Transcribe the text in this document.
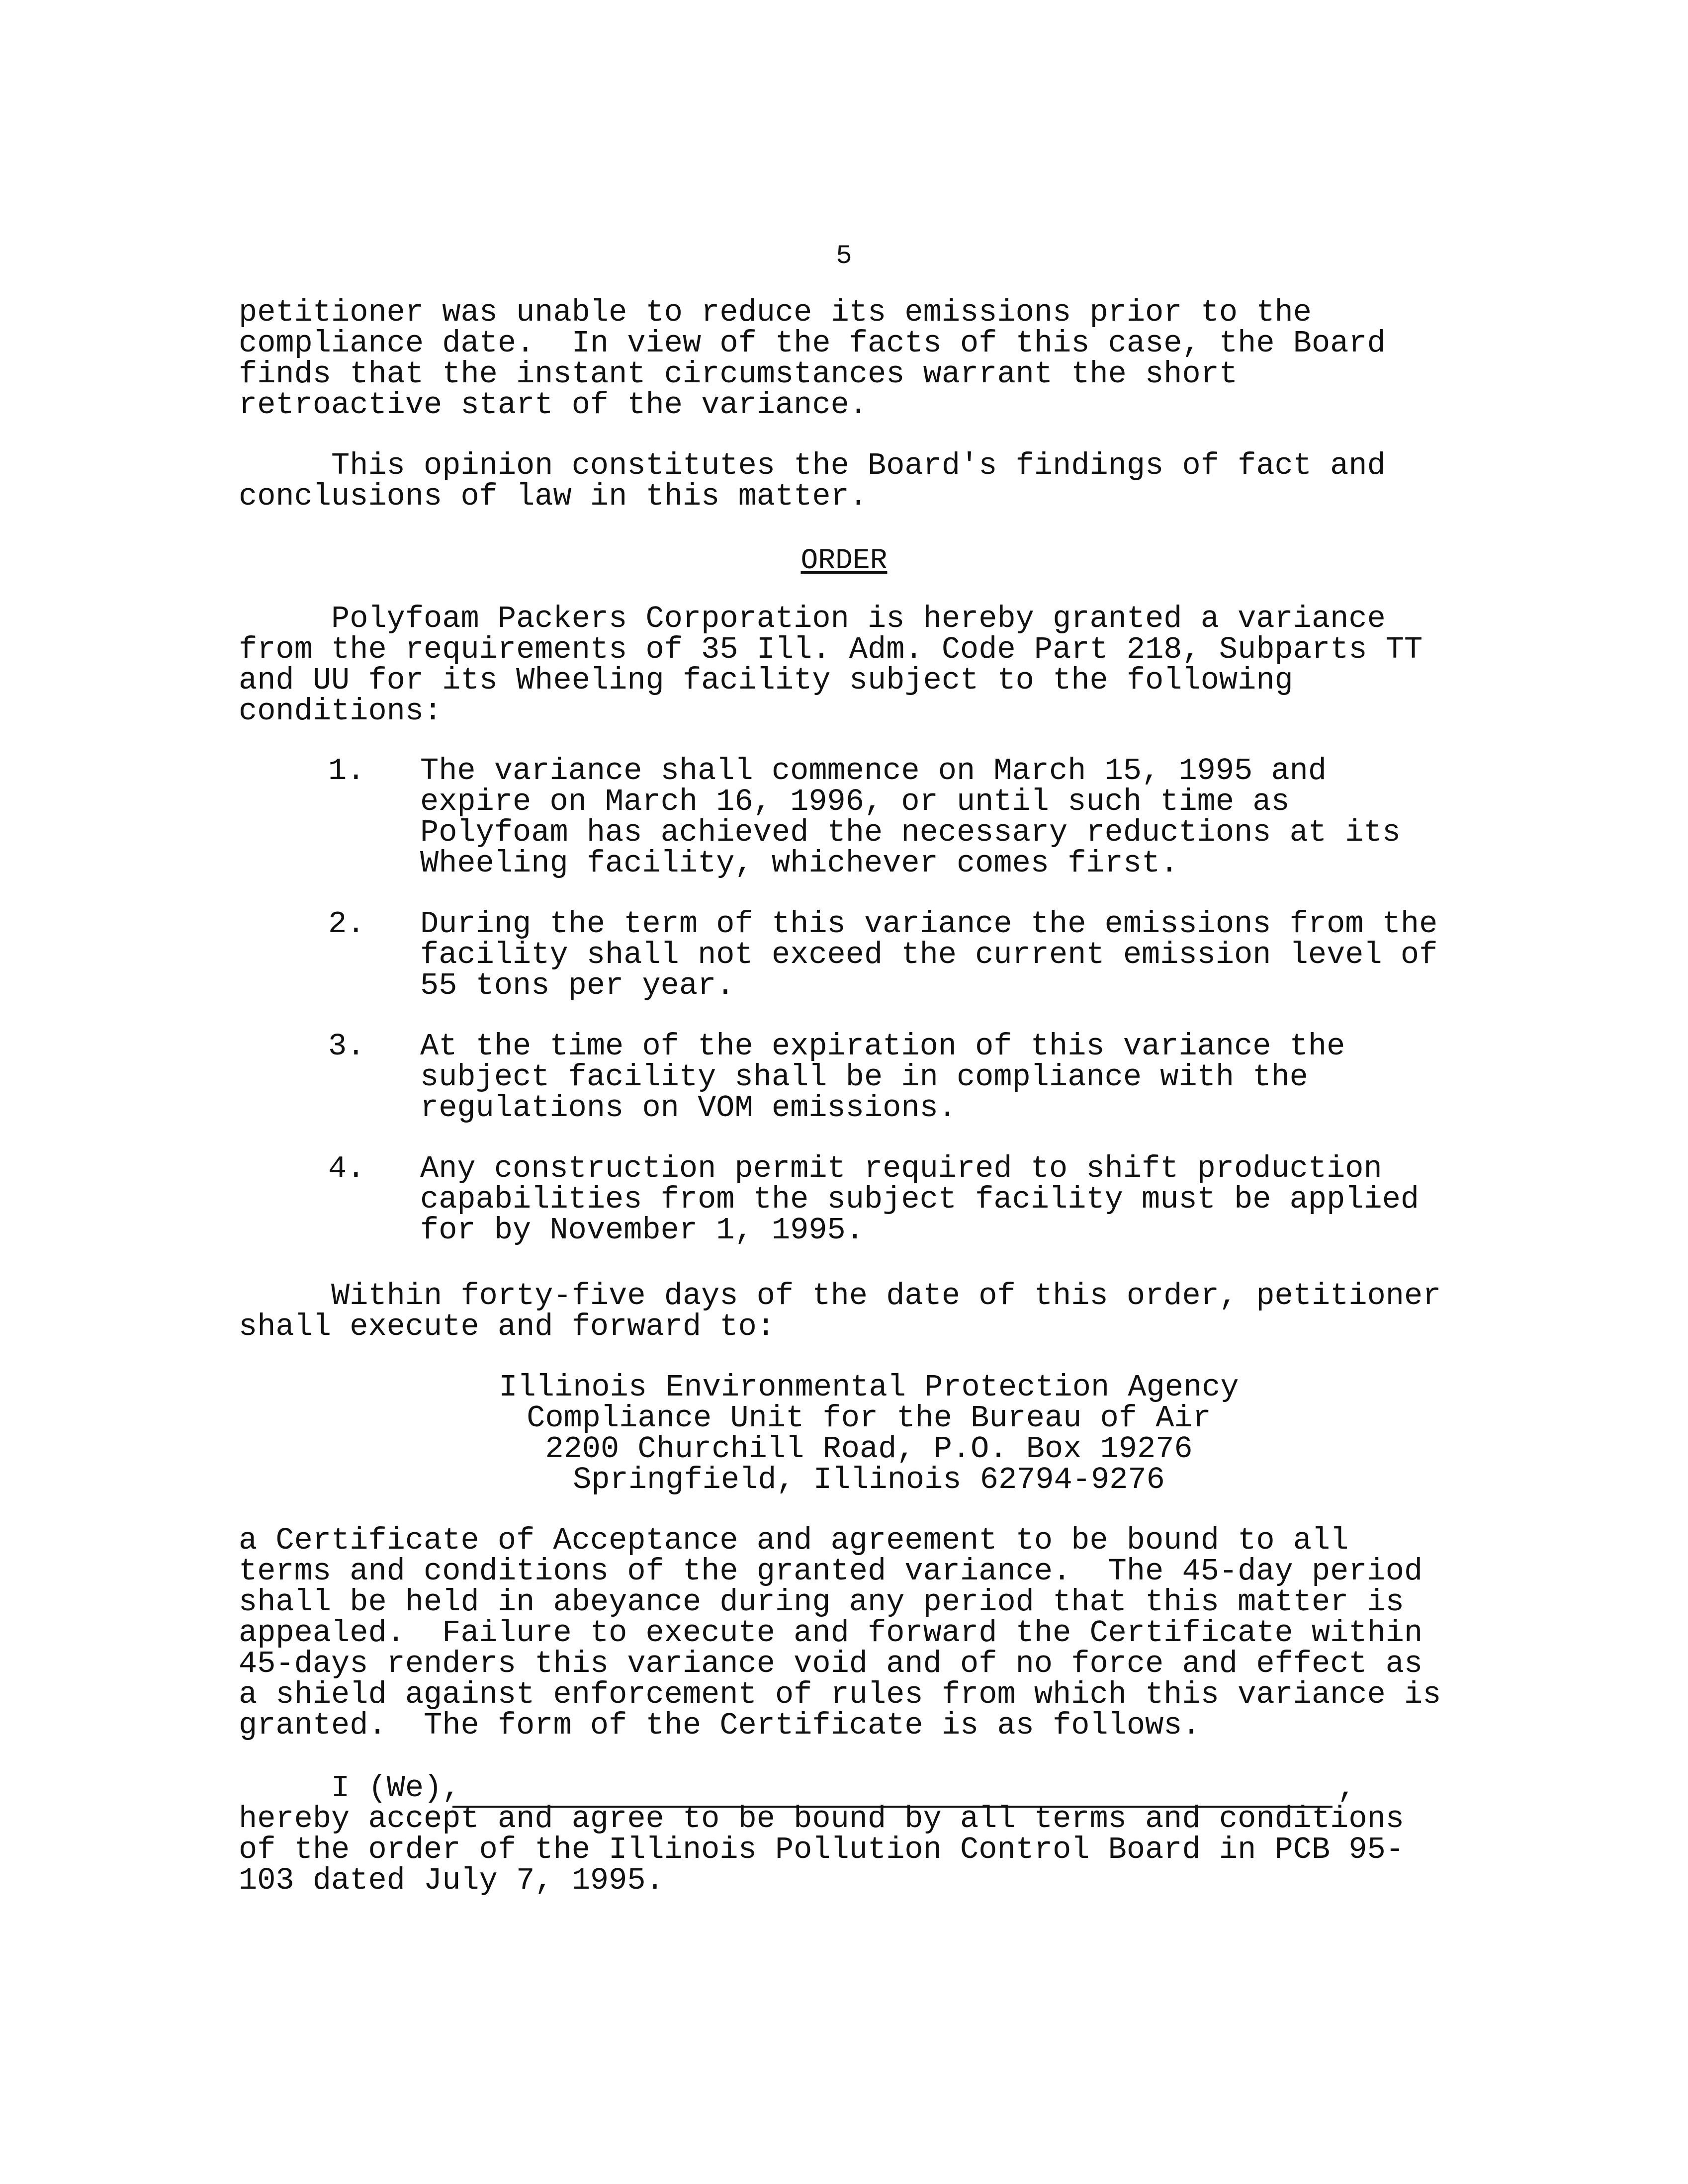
5
petitioner was unable to reduce its emissions prior to the
compliance date.  In view of the facts of this case, the Board
finds that the instant circumstances warrant the short
retroactive start of the variance.
This opinion constitutes the Board's findings of fact and
conclusions of law in this matter.
ORDER
Polyfoam Packers Corporation is hereby granted a variance
from the requirements of 35 Ill. Adm. Code Part 218, Subparts TT
and UU for its Wheeling facility subject to the following
conditions:
1. The variance shall commence on March 15, 1995 and
expire on March 16, 1996, or until such time as
Polyfoam has achieved the necessary reductions at its
Wheeling facility, whichever comes first.
2. During the term of this variance the emissions from the
facility shall not exceed the current emission level of
55 tons per year.
3. At the time of the expiration of this variance the
subject facility shall be in compliance with the
regulations on VOM emissions.
4. Any construction permit required to shift production
capabilities from the subject facility must be applied
for by November 1, 1995.
Within forty-five days of the date of this order, petitioner
shall execute and forward to:
Illinois Environmental Protection Agency
Compliance Unit for the Bureau of Air
2200 Churchill Road, P.O. Box 19276
Springfield, Illinois 62794-9276
a Certificate of Acceptance and agreement to be bound to all
terms and conditions of the granted variance.  The 45-day period
shall be held in abeyance during any period that this matter is
appealed.  Failure to execute and forward the Certificate within
45-days renders this variance void and of no force and effect as
a shield against enforcement of rules from which this variance is
granted.  The form of the Certificate is as follows.
I (We),	,
hereby accept and agree to be bound by all terms and conditions
of the order of the Illinois Pollution Control Board in PCB 95-
103 dated July 7, 1995.
